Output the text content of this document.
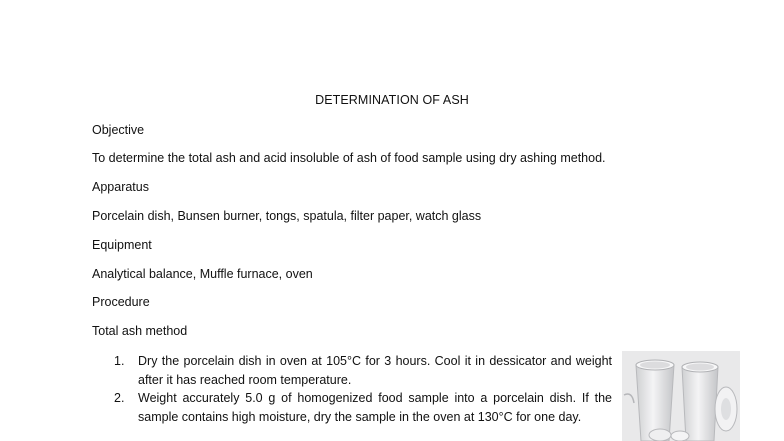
DETERMINATION OF ASH
Objective
To determine the total ash and acid insoluble of ash of food sample using dry ashing method.
Apparatus
Porcelain dish, Bunsen burner, tongs, spatula, filter paper, watch glass
Equipment
Analytical balance, Muffle furnace, oven
Procedure
Total ash method
1. Dry the porcelain dish in oven at 105°C for 3 hours. Cool it in dessicator and weight after it has reached room temperature.
2. Weight accurately 5.0 g of homogenized food sample into a porcelain dish. If the sample contains high moisture, dry the sample in the oven at 130°C for one day.
